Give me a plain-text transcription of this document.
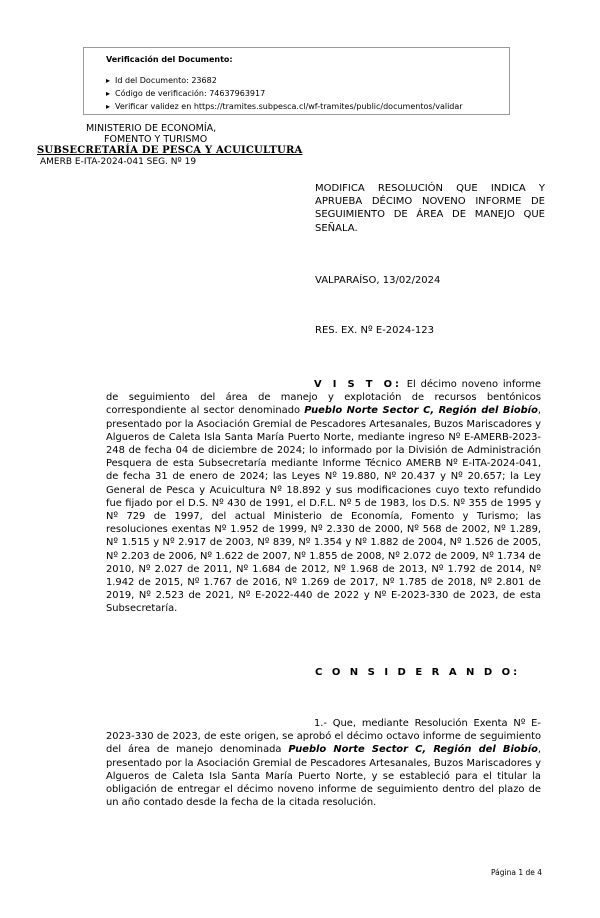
Verificación del Documento:
▸ Id del Documento: 23682
▸ Código de verificación: 74637963917
▸ Verificar validez en https://tramites.subpesca.cl/wf-tramites/public/documentos/validar
MINISTERIO DE ECONOMÍA,
FOMENTO Y TURISMO
SUBSECRETARÍA DE PESCA Y ACUICULTURA
AMERB E-ITA-2024-041 SEG. Nº 19
MODIFICA RESOLUCIÓN QUE INDICA Y APRUEBA DÉCIMO NOVENO INFORME DE SEGUIMIENTO DE ÁREA DE MANEJO QUE SEÑALA.
VALPARAÍSO, 13/02/2024
RES. EX. Nº E-2024-123
V I S T O: El décimo noveno informe de seguimiento del área de manejo y explotación de recursos bentónicos correspondiente al sector denominado Pueblo Norte Sector C, Región del Biobío, presentado por la Asociación Gremial de Pescadores Artesanales, Buzos Mariscadores y Algueros de Caleta Isla Santa María Puerto Norte, mediante ingreso Nº E-AMERB-2023-248 de fecha 04 de diciembre de 2024; lo informado por la División de Administración Pesquera de esta Subsecretaría mediante Informe Técnico AMERB Nº E-ITA-2024-041, de fecha 31 de enero de 2024; las Leyes Nº 19.880, Nº 20.437 y Nº 20.657; la Ley General de Pesca y Acuicultura Nº 18.892 y sus modificaciones cuyo texto refundido fue fijado por el D.S. Nº 430 de 1991, el D.F.L. Nº 5 de 1983, los D.S. Nº 355 de 1995 y Nº 729 de 1997, del actual Ministerio de Economía, Fomento y Turismo; las resoluciones exentas Nº 1.952 de 1999, Nº 2.330 de 2000, Nº 568 de 2002, Nº 1.289, Nº 1.515 y Nº 2.917 de 2003, Nº 839, Nº 1.354 y Nº 1.882 de 2004, Nº 1.526 de 2005, Nº 2.203 de 2006, Nº 1.622 de 2007, Nº 1.855 de 2008, Nº 2.072 de 2009, Nº 1.734 de 2010, Nº 2.027 de 2011, Nº 1.684 de 2012, Nº 1.968 de 2013, Nº 1.792 de 2014, Nº 1.942 de 2015, Nº 1.767 de 2016, Nº 1.269 de 2017, Nº 1.785 de 2018, Nº 2.801 de 2019, Nº 2.523 de 2021, Nº E-2022-440 de 2022 y Nº E-2023-330 de 2023, de esta Subsecretaría.
C O N S I D E R A N D O:
1.- Que, mediante Resolución Exenta Nº E-2023-330 de 2023, de este origen, se aprobó el décimo octavo informe de seguimiento del área de manejo denominada Pueblo Norte Sector C, Región del Biobío, presentado por la Asociación Gremial de Pescadores Artesanales, Buzos Mariscadores y Algueros de Caleta Isla Santa María Puerto Norte, y se estableció para el titular la obligación de entregar el décimo noveno informe de seguimiento dentro del plazo de un año contado desde la fecha de la citada resolución.
Página 1 de 4
